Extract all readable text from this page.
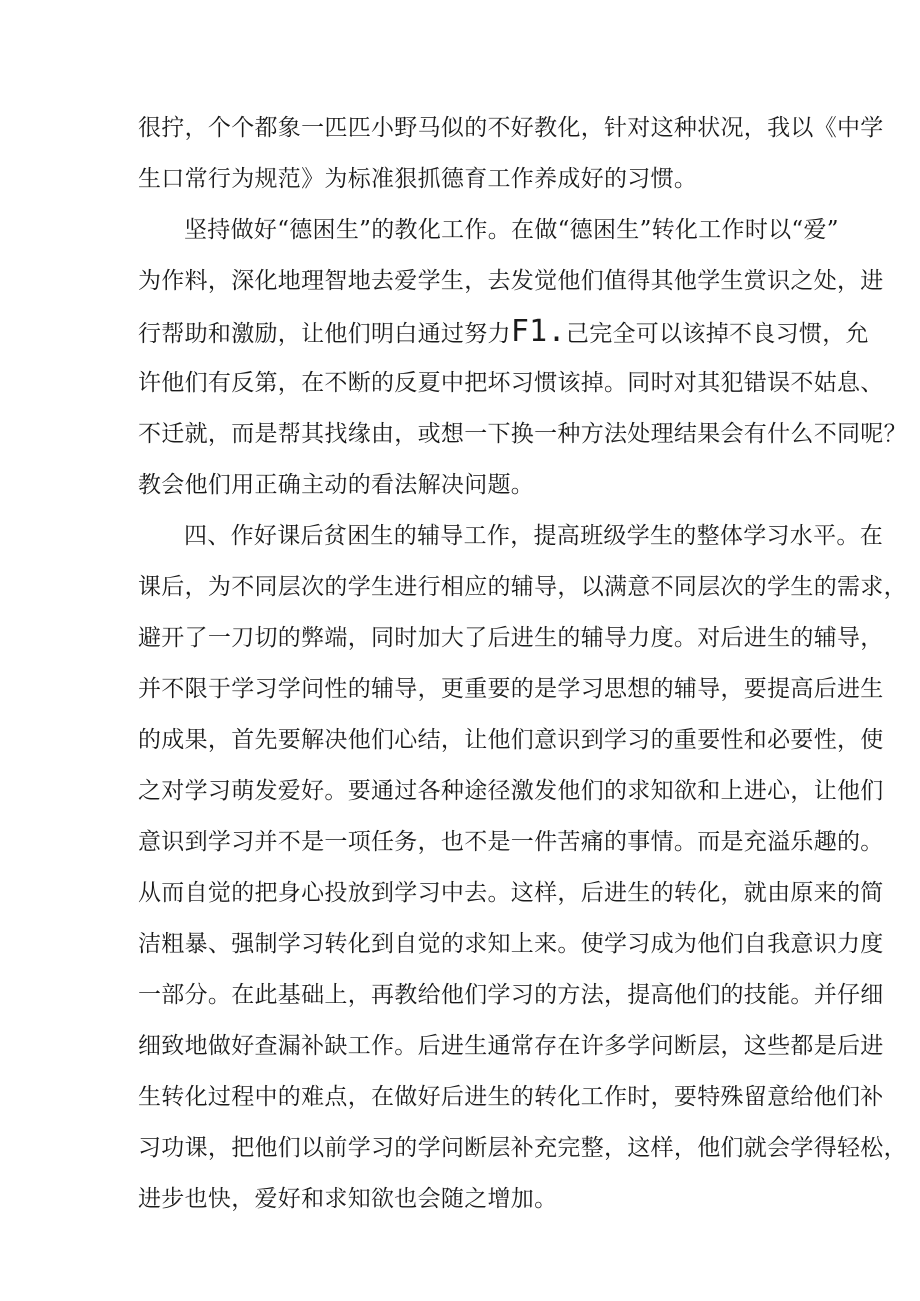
很拧，个个都象一匹匹小野马似的不好教化，针对这种状况，我以《中学
生口常行为规范》为标准狠抓德育工作养成好的习惯。
坚持做好“德困生”的教化工作。在做“德困生”转化工作时以“爱”
为作料，深化地理智地去爱学生，去发觉他们值得其他学生赏识之处，进
行帮助和激励，让他们明白通过努力F1.己完全可以该掉不良习惯，允
许他们有反第，在不断的反夏中把坏习惯该掉。同时对其犯错误不姑息、
不迁就，而是帮其找缘由，或想一下换一种方法处理结果会有什么不同呢？
教会他们用正确主动的看法解决问题。
四、作好课后贫困生的辅导工作，提高班级学生的整体学习水平。在
课后，为不同层次的学生进行相应的辅导，以满意不同层次的学生的需求，
避开了一刀切的弊端，同时加大了后进生的辅导力度。对后进生的辅导，
并不限于学习学问性的辅导，更重要的是学习思想的辅导，要提高后进生
的成果，首先要解决他们心结，让他们意识到学习的重要性和必要性，使
之对学习萌发爱好。要通过各种途径激发他们的求知欲和上进心，让他们
意识到学习并不是一项任务，也不是一件苦痛的事情。而是充溢乐趣的。
从而自觉的把身心投放到学习中去。这样，后进生的转化，就由原来的简
洁粗暴、强制学习转化到自觉的求知上来。使学习成为他们自我意识力度
一部分。在此基础上，再教给他们学习的方法，提高他们的技能。并仔细
细致地做好查漏补缺工作。后进生通常存在许多学问断层，这些都是后进
生转化过程中的难点，在做好后进生的转化工作时，要特殊留意给他们补
习功课，把他们以前学习的学问断层补充完整，这样，他们就会学得轻松，
进步也快，爱好和求知欲也会随之增加。
